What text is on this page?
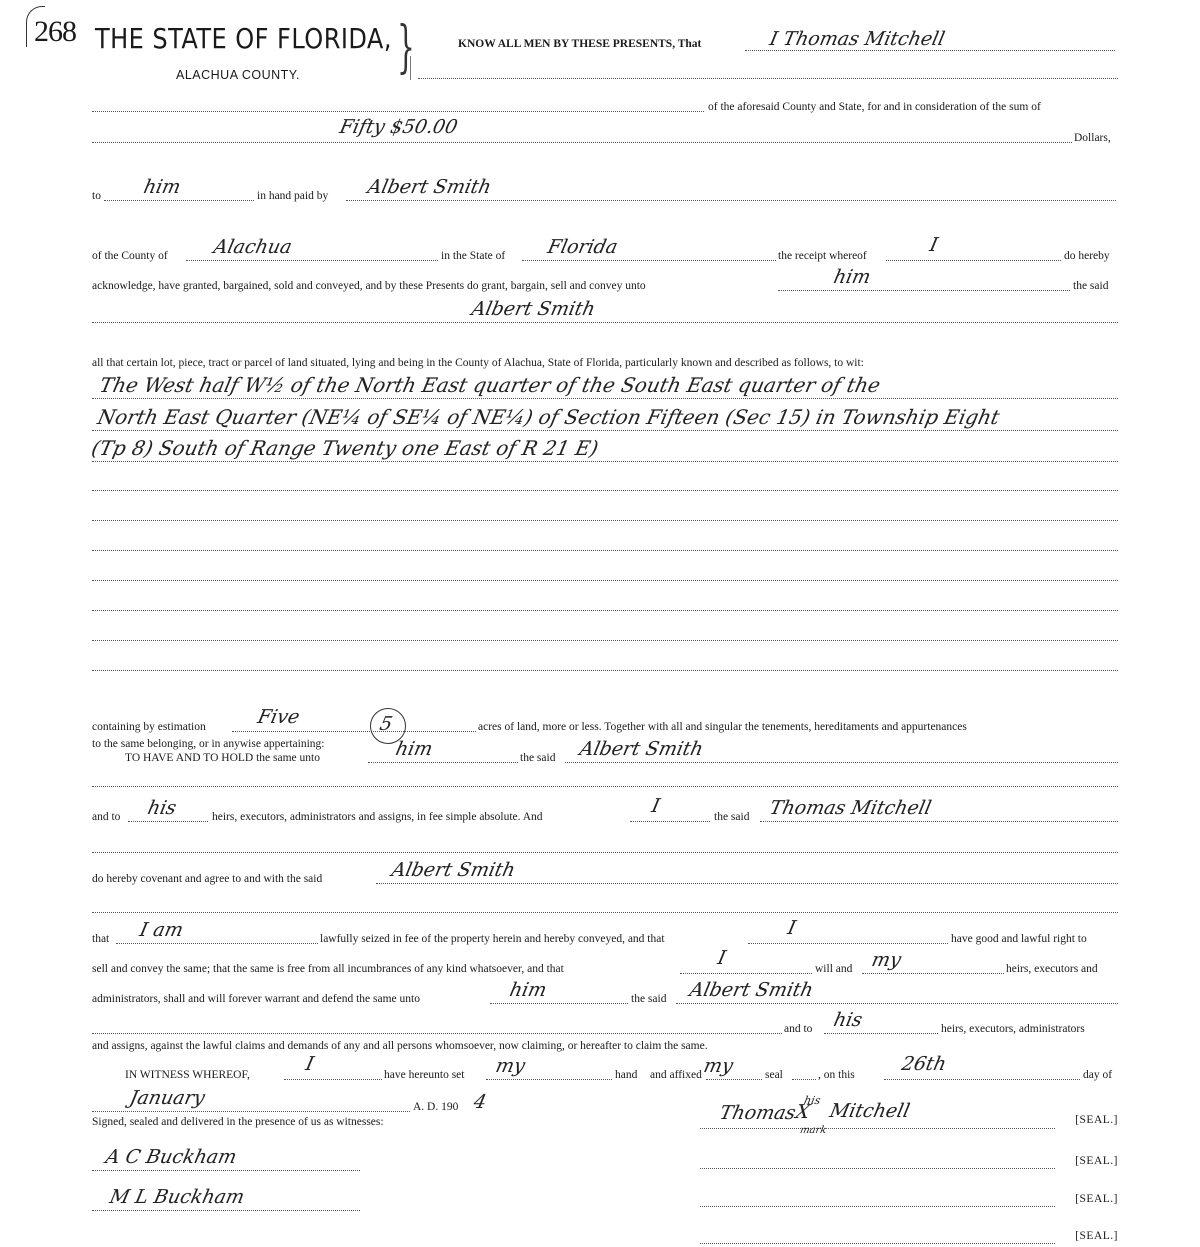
268 THE STATE OF FLORIDA, }
ALACHUA COUNTY.
KNOW ALL MEN BY THESE PRESENTS, That	I Thomas Mitchell
of the aforesaid County and State, for and in consideration of the sum of
Fifty $50.00	Dollars,
to him	in hand paid by Albert Smith
of the County of Alachua	in the State of Florida	the receipt whereof	I	do hereby
acknowledge, have granted, bargained, sold and conveyed, and by these Presents do grant, bargain, sell and convey unto	him	the said
Albert Smith
all that certain lot, piece, tract or parcel of land situated, lying and being in the County of Alachua, State of Florida, particularly known and described as follows, to wit:
The West half W½ of the North East quarter of the South East quarter of the
North East Quarter (NE¼ of SE¼ of NE¼) of Section Fifteen (Sec 15) in Township Eight
(Tp 8) South of Range Twenty one East of R 21 E)
containing by estimation	Five	5	acres of land, more or less. Together with all and singular the tenements, hereditaments and appurtenances
to the same belonging, or in anywise appertaining:
TO HAVE AND TO HOLD the same unto	him	the said Albert Smith
and to his	heirs, executors, administrators and assigns, in fee simple absolute. And	I	the said Thomas Mitchell
do hereby covenant and agree to and with the said	Albert Smith
that I am	lawfully seized in fee of the property herein and hereby conveyed, and that	I	have good and lawful right to
sell and convey the same; that the same is free from all incumbrances of any kind whatsoever, and that	I	will and my	heirs, executors and
administrators, shall and will forever warrant and defend the same unto	him	the said Albert Smith
and to his	heirs, executors, administrators
and assigns, against the lawful claims and demands of any and all persons whomsoever, now claiming, or hereafter to claim the same.
IN WITNESS WHEREOF,	I	have hereunto set my	hand and affixed my	seal	, on this 26th	day of
January	A. D. 190 4
Signed, sealed and delivered in the presence of us as witnesses:	Thomas
X
his
mark
Mitchell	[SEAL.]
A C Buckham	[SEAL.]
M L Buckham	[SEAL.]
[SEAL.]
